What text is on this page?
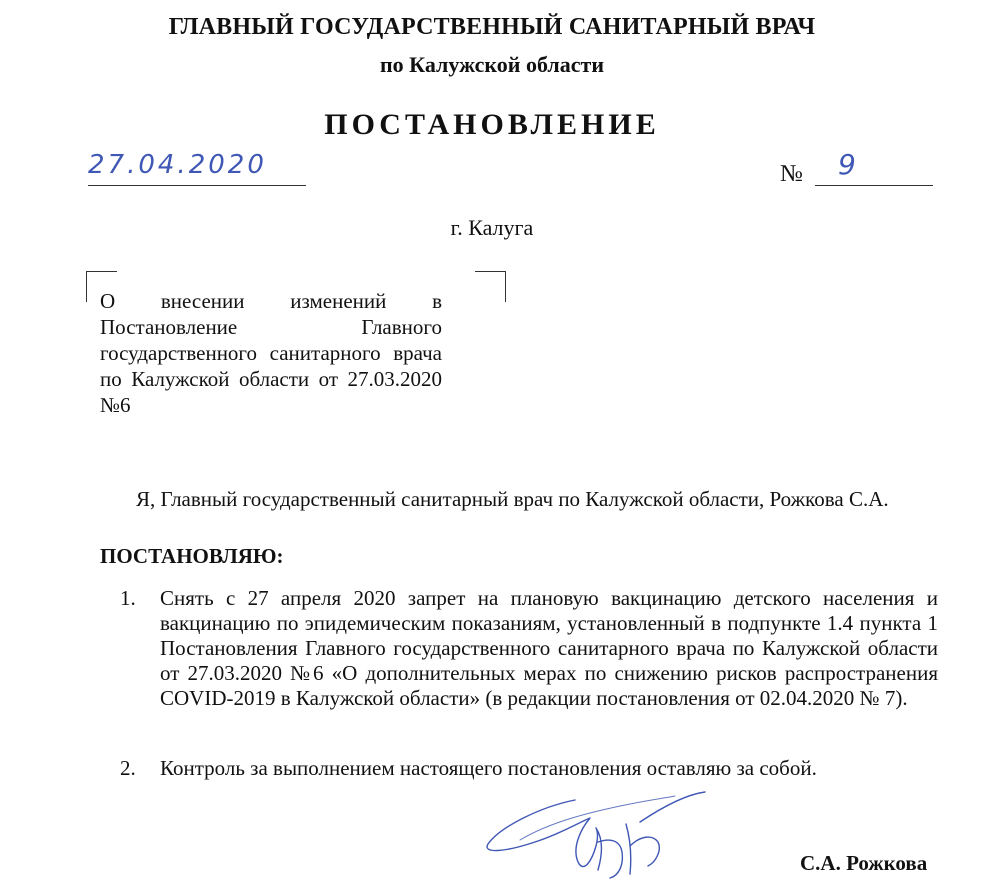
ГЛАВНЫЙ ГОСУДАРСТВЕННЫЙ САНИТАРНЫЙ ВРАЧ
по Калужской области
ПОСТАНОВЛЕНИЕ
27.04.2020	№ 9
г. Калуга
О внесении изменений в Постановление Главного государственного санитарного врача по Калужской области от 27.03.2020 №6
Я, Главный государственный санитарный врач по Калужской области, Рожкова С.А.
ПОСТАНОВЛЯЮ:
1. Снять с 27 апреля 2020 запрет на плановую вакцинацию детского населения и вакцинацию по эпидемическим показаниям, установленный в подпункте 1.4 пункта 1 Постановления Главного государственного санитарного врача по Калужской области от 27.03.2020 №6 «О дополнительных мерах по снижению рисков распространения COVID-2019 в Калужской области» (в редакции постановления от 02.04.2020 № 7).
2. Контроль за выполнением настоящего постановления оставляю за собой.
С.А. Рожкова
